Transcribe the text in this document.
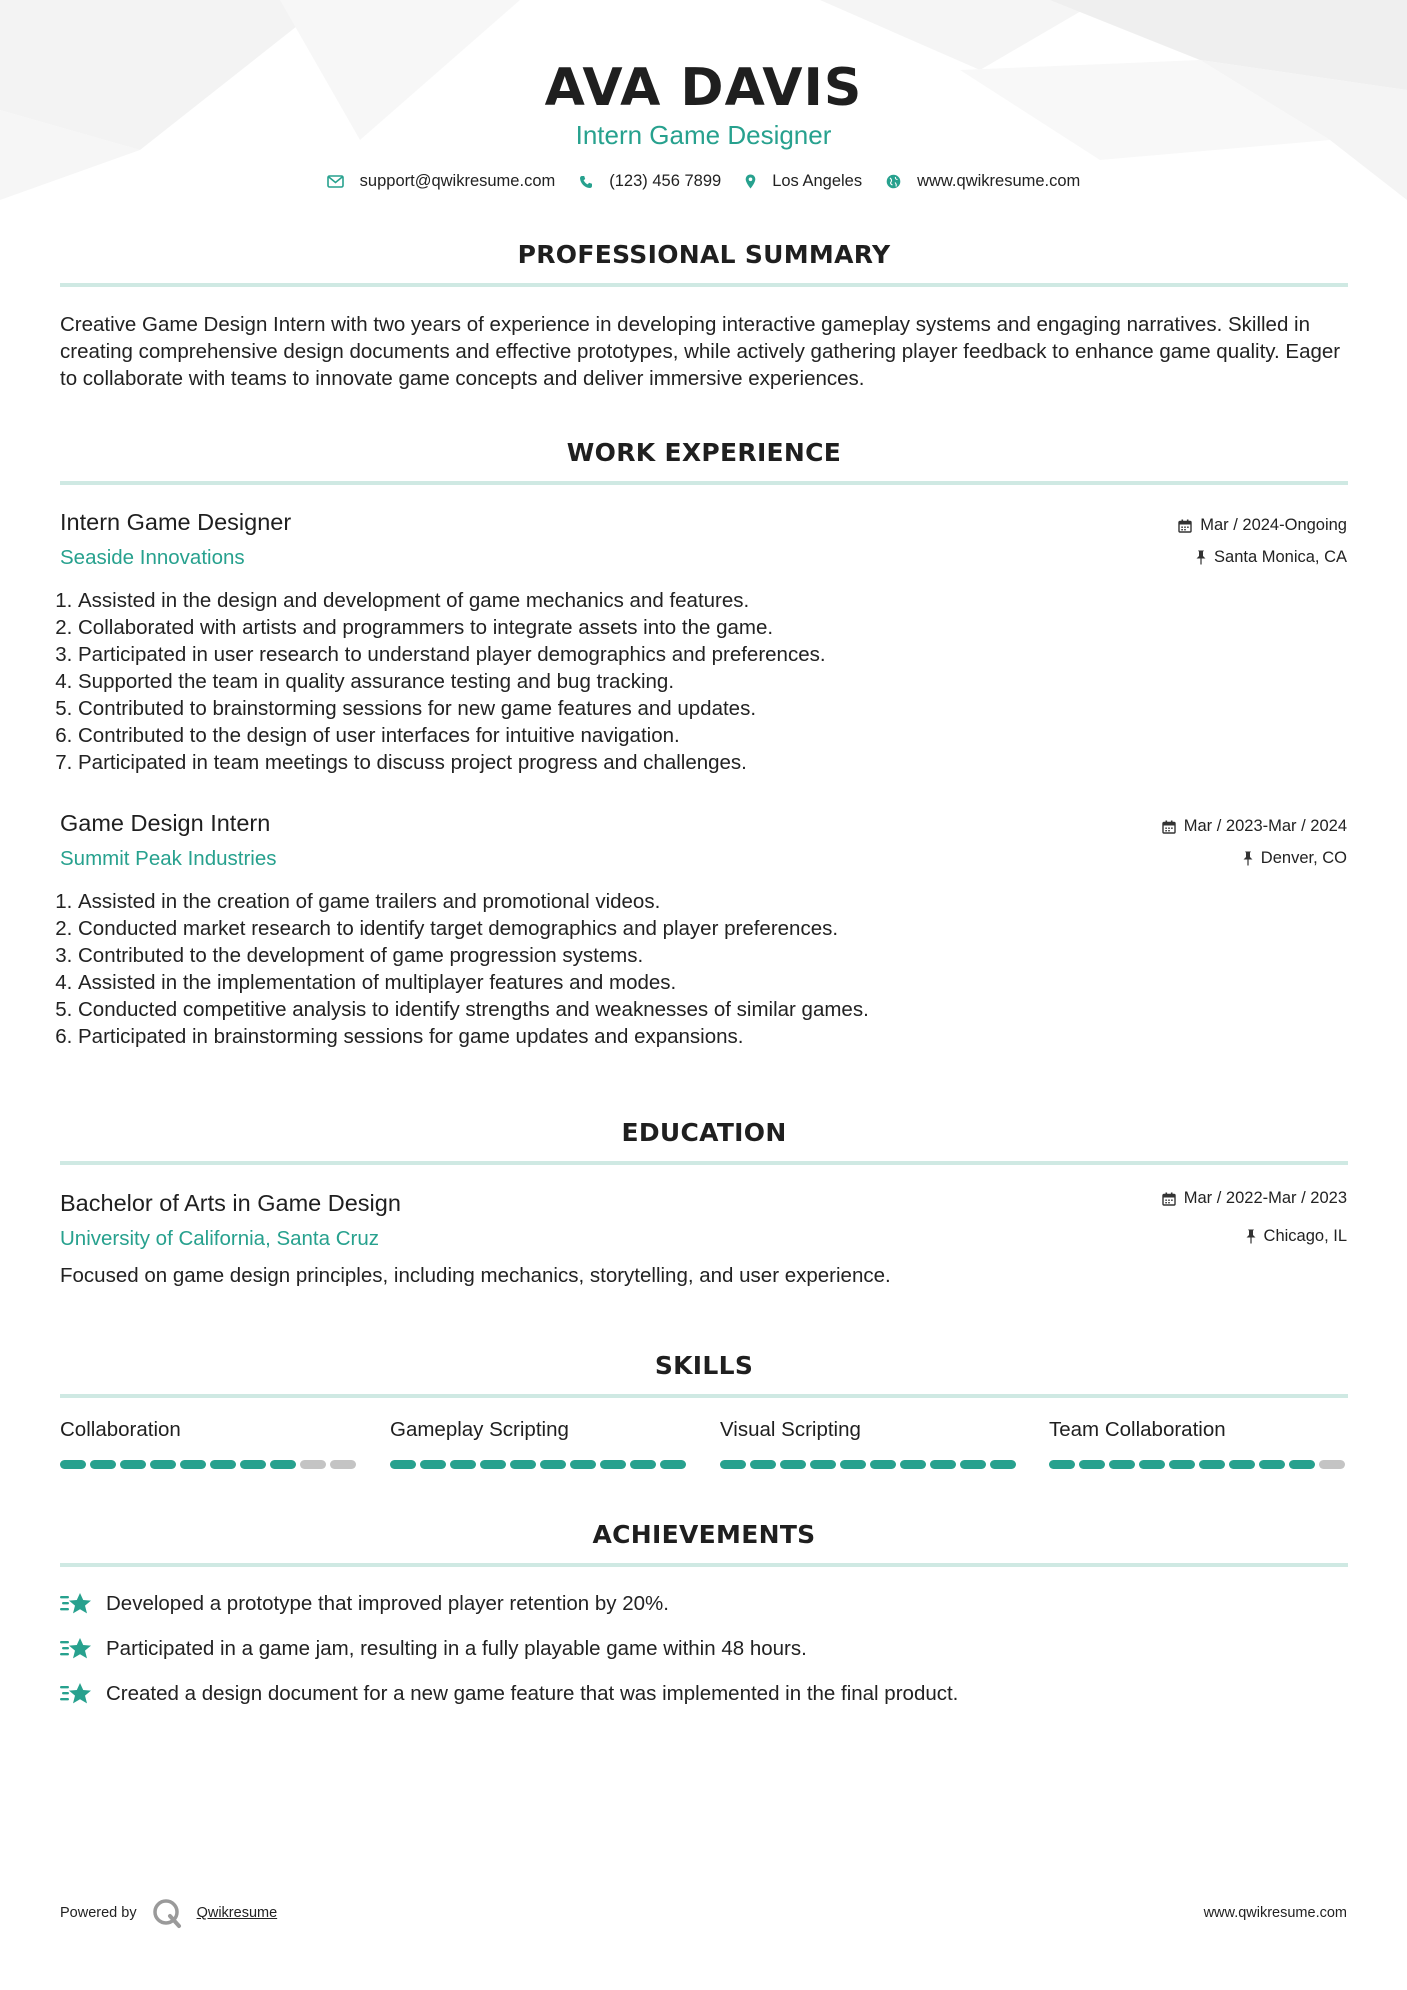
AVA DAVIS
Intern Game Designer
support@qwikresume.com	(123) 456 7899	Los Angeles	www.qwikresume.com
PROFESSIONAL SUMMARY
Creative Game Design Intern with two years of experience in developing interactive gameplay systems and engaging narratives. Skilled in creating comprehensive design documents and effective prototypes, while actively gathering player feedback to enhance game quality. Eager to collaborate with teams to innovate game concepts and deliver immersive experiences.
WORK EXPERIENCE
Intern Game Designer	Mar / 2024-Ongoing
Seaside Innovations	Santa Monica, CA
1. Assisted in the design and development of game mechanics and features.
2. Collaborated with artists and programmers to integrate assets into the game.
3. Participated in user research to understand player demographics and preferences.
4. Supported the team in quality assurance testing and bug tracking.
5. Contributed to brainstorming sessions for new game features and updates.
6. Contributed to the design of user interfaces for intuitive navigation.
7. Participated in team meetings to discuss project progress and challenges.
Game Design Intern	Mar / 2023-Mar / 2024
Summit Peak Industries	Denver, CO
1. Assisted in the creation of game trailers and promotional videos.
2. Conducted market research to identify target demographics and player preferences.
3. Contributed to the development of game progression systems.
4. Assisted in the implementation of multiplayer features and modes.
5. Conducted competitive analysis to identify strengths and weaknesses of similar games.
6. Participated in brainstorming sessions for game updates and expansions.
EDUCATION
Bachelor of Arts in Game Design	Mar / 2022-Mar / 2023
University of California, Santa Cruz	Chicago, IL
Focused on game design principles, including mechanics, storytelling, and user experience.
SKILLS
Collaboration	Gameplay Scripting	Visual Scripting	Team Collaboration
ACHIEVEMENTS
Developed a prototype that improved player retention by 20%.
Participated in a game jam, resulting in a fully playable game within 48 hours.
Created a design document for a new game feature that was implemented in the final product.
Powered by	Qwikresume	www.qwikresume.com
